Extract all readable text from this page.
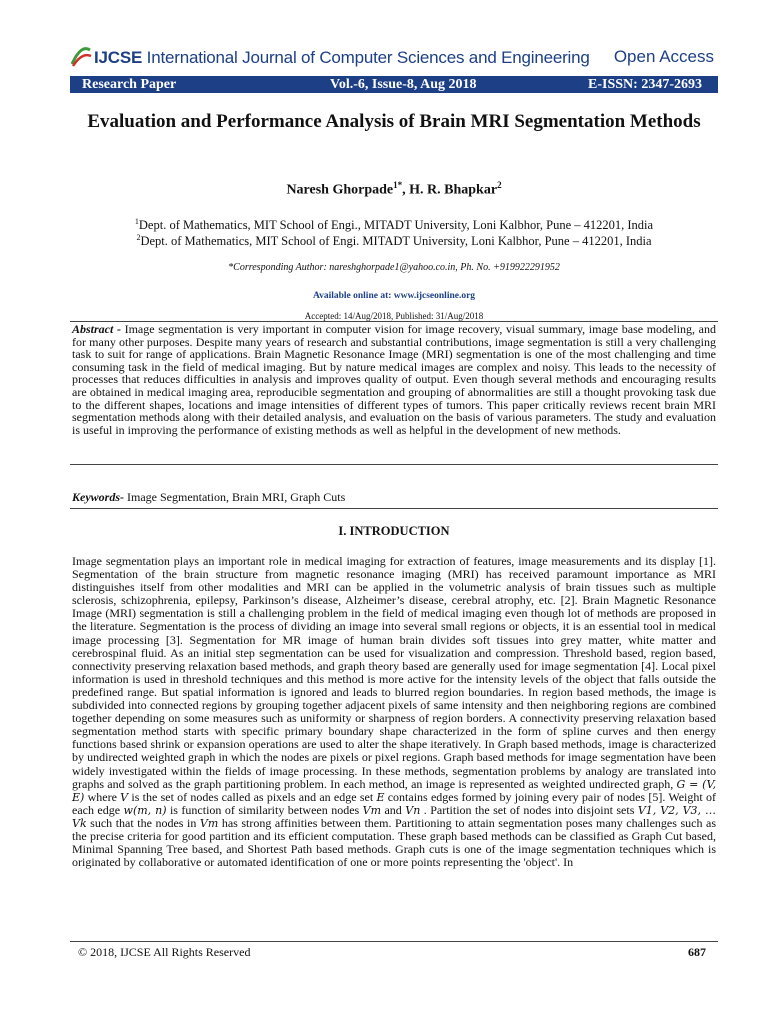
IJCSE International Journal of Computer Sciences and Engineering Open Access
Research Paper	Vol.-6, Issue-8, Aug 2018	E-ISSN: 2347-2693
Evaluation and Performance Analysis of Brain MRI Segmentation Methods
Naresh Ghorpade$^{1*}$, H. R. Bhapkar$^2$
$^1$Dept. of Mathematics, MIT School of Engi., MITADT University, Loni Kalbhor, Pune – 412201, India
$^2$Dept. of Mathematics, MIT School of Engi. MITADT University, Loni Kalbhor, Pune – 412201, India
*Corresponding Author: nareshghorpade1@yahoo.co.in, Ph. No. +919922291952
Available online at: www.ijcseonline.org
Accepted: 14/Aug/2018, Published: 31/Aug/2018
Abstract - Image segmentation is very important in computer vision for image recovery, visual summary, image base modeling, and for many other purposes. Despite many years of research and substantial contributions, image segmentation is still a very challenging task to suit for range of applications. Brain Magnetic Resonance Image (MRI) segmentation is one of the most challenging and time consuming task in the field of medical imaging. But by nature medical images are complex and noisy. This leads to the necessity of processes that reduces difficulties in analysis and improves quality of output. Even though several methods and encouraging results are obtained in medical imaging area, reproducible segmentation and grouping of abnormalities are still a thought provoking task due to the different shapes, locations and image intensities of different types of tumors. This paper critically reviews recent brain MRI segmentation methods along with their detailed analysis, and evaluation on the basis of various parameters. The study and evaluation is useful in improving the performance of existing methods as well as helpful in the development of new methods.
Keywords- Image Segmentation, Brain MRI, Graph Cuts
I. INTRODUCTION
Image segmentation plays an important role in medical imaging for extraction of features, image measurements and its display [1]. Segmentation of the brain structure from magnetic resonance imaging (MRI) has received paramount importance as MRI distinguishes itself from other modalities and MRI can be applied in the volumetric analysis of brain tissues such as multiple sclerosis, schizophrenia, epilepsy, Parkinson’s disease, Alzheimer’s disease, cerebral atrophy, etc. [2]. Brain Magnetic Resonance Image (MRI) segmentation is still a challenging problem in the field of medical imaging even though lot of methods are proposed in the literature. Segmentation is the process of dividing an image into several small regions or objects, it is an essential tool in medical image processing [3]. Segmentation for MR image of human brain divides soft tissues into grey matter, white matter and cerebrospinal fluid. As an initial step segmentation can be used for visualization and compression. Threshold based, region based, connectivity preserving relaxation based methods, and graph theory based are generally used for image segmentation [4]. Local pixel information is used in threshold techniques and this method is more active for the intensity levels of the object that falls outside the predefined range. But spatial information is ignored and leads to blurred region boundaries. In region based methods, the image is subdivided into connected regions by grouping together adjacent pixels of same intensity and then neighboring regions are combined together depending on some measures such as uniformity or sharpness of region borders. A connectivity preserving relaxation based segmentation method starts with specific primary boundary shape characterized in the form of spline curves and then energy functions based shrink or expansion operations are used to alter the shape iteratively. In Graph based methods, image is characterized by undirected weighted graph in which the nodes are pixels or pixel regions. Graph based methods for image segmentation have been widely investigated within the fields of image processing. In these methods, segmentation problems by analogy are translated into graphs and solved as the graph partitioning problem. In each method, an image is represented as weighted undirected graph, G = (V, E) where V is the set of nodes called as pixels and an edge set E contains edges formed by joining every pair of nodes [5]. Weight of each edge w(m, n) is function of similarity between nodes Vm and Vn . Partition the set of nodes into disjoint sets V1, V2, V3, … Vk such that the nodes in Vm has strong affinities between them. Partitioning to attain segmentation poses many challenges such as the precise criteria for good partition and its efficient computation. These graph based methods can be classified as Graph Cut based, Minimal Spanning Tree based, and Shortest Path based methods. Graph cuts is one of the image segmentation techniques which is originated by collaborative or automated identification of one or more points representing the 'object'. In
© 2018, IJCSE All Rights Reserved	687
